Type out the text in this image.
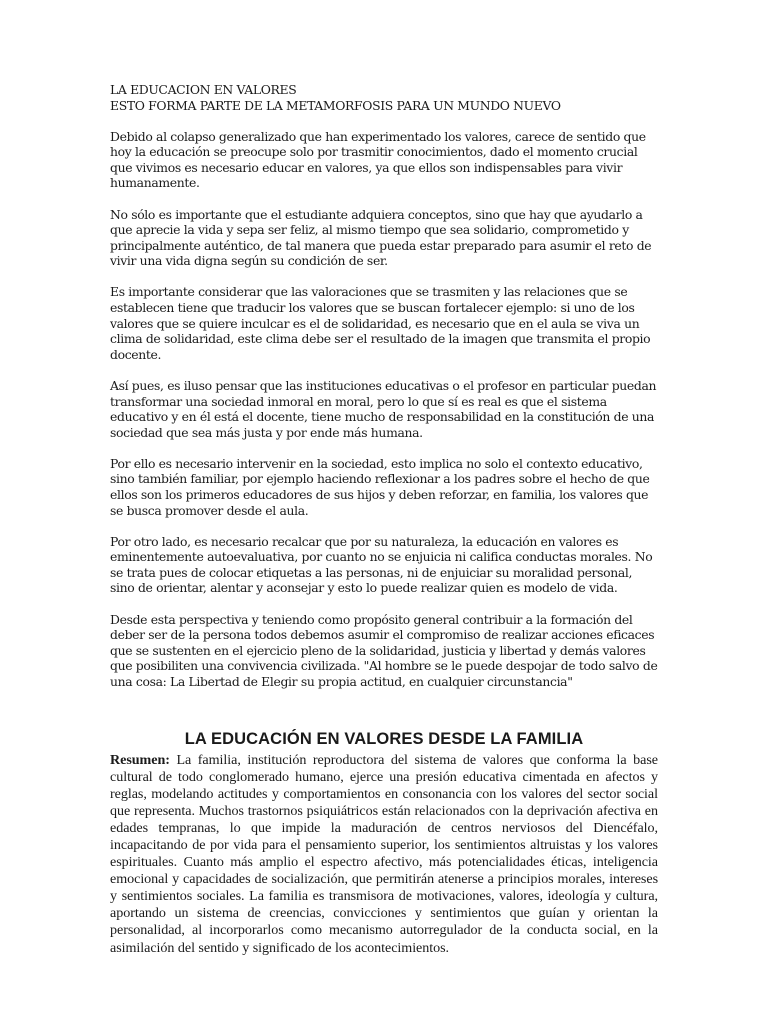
LA EDUCACION EN VALORES

ESTO FORMA PARTE DE LA METAMORFOSIS PARA UN MUNDO NUEVO

Debido al colapso generalizado que han experimentado los valores, carece de sentido que hoy la educación se preocupe solo por trasmitir conocimientos, dado el momento crucial que vivimos es necesario educar en valores, ya que ellos son indispensables para vivir humanamente.

No sólo es importante que el estudiante adquiera conceptos, sino que hay que ayudarlo a que aprecie la vida y sepa ser feliz, al mismo tiempo que sea solidario, comprometido y principalmente auténtico, de tal manera que pueda estar preparado para asumir el reto de vivir una vida digna según su condición de ser.

Es importante considerar que las valoraciones que se trasmiten y las relaciones que se establecen tiene que traducir los valores que se buscan fortalecer ejemplo: si uno de los valores que se quiere inculcar es el de solidaridad, es necesario que en el aula se viva un clima de solidaridad, este clima debe ser el resultado de la imagen que transmita el propio docente.

Así pues, es iluso pensar que las instituciones educativas o el profesor en particular puedan transformar una sociedad inmoral en moral, pero lo que sí es real es que el sistema educativo y en él está el docente, tiene mucho de responsabilidad en la constitución de una sociedad que sea más justa y por ende más humana.

Por ello es necesario intervenir en la sociedad, esto implica no solo el contexto educativo, sino también familiar, por ejemplo haciendo reflexionar a los padres sobre el hecho de que ellos son los primeros educadores de sus hijos y deben reforzar, en familia, los valores que se busca promover desde el aula.

Por otro lado, es necesario recalcar que por su naturaleza, la educación en valores es eminentemente autoevaluativa, por cuanto no se enjuicia ni califica conductas morales. No se trata pues de colocar etiquetas a las personas, ni de enjuiciar su moralidad personal, sino de orientar, alentar y aconsejar y esto lo puede realizar quien es modelo de vida.

Desde esta perspectiva y teniendo como propósito general contribuir a la formación del deber ser de la persona todos debemos asumir el compromiso de realizar acciones eficaces que se sustenten en el ejercicio pleno de la solidaridad, justicia y libertad y demás valores que posibiliten una convivencia civilizada. "Al hombre se le puede despojar de todo salvo de una cosa: La Libertad de Elegir su propia actitud, en cualquier circunstancia"

LA EDUCACIÓN EN VALORES DESDE LA FAMILIA

Resumen: La familia, institución reproductora del sistema de valores que conforma la base cultural de todo conglomerado humano, ejerce una presión educativa cimentada en afectos y reglas, modelando actitudes y comportamientos en consonancia con los valores del sector social que representa. Muchos trastornos psiquiátricos están relacionados con la deprivación afectiva en edades tempranas, lo que impide la maduración de centros nerviosos del Diencéfalo, incapacitando de por vida para el pensamiento superior, los sentimientos altruistas y los valores espirituales. Cuanto más amplio el espectro afectivo, más potencialidades éticas, inteligencia emocional y capacidades de socialización, que permitirán atenerse a principios morales, intereses y sentimientos sociales. La familia es transmisora de motivaciones, valores, ideología y cultura, aportando un sistema de creencias, convicciones y sentimientos que guían y orientan la personalidad, al incorporarlos como mecanismo autorregulador de la conducta social, en la asimilación del sentido y significado de los acontecimientos.
